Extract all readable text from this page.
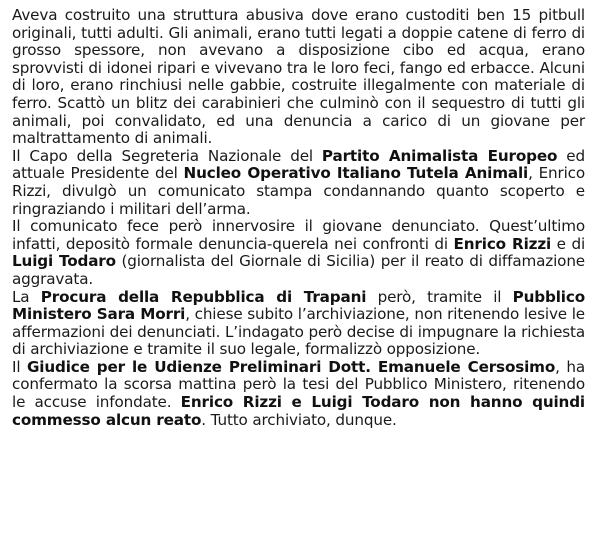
Aveva costruito una struttura abusiva dove erano custoditi ben 15 pitbull originali, tutti adulti. Gli animali, erano tutti legati a doppie catene di ferro di grosso spessore, non avevano a disposizione cibo ed acqua, erano sprovvisti di idonei ripari e vivevano tra le loro feci, fango ed erbacce. Alcuni di loro, erano rinchiusi nelle gabbie, costruite illegalmente con materiale di ferro. Scattò un blitz dei carabinieri che culminò con il sequestro di tutti gli animali, poi convalidato, ed una denuncia a carico di un giovane per maltrattamento di animali.

Il Capo della Segreteria Nazionale del Partito Animalista Europeo ed attuale Presidente del Nucleo Operativo Italiano Tutela Animali, Enrico Rizzi, divulgò un comunicato stampa condannando quanto scoperto e ringraziando i militari dell’arma.

Il comunicato fece però innervosire il giovane denunciato. Quest’ultimo infatti, depositò formale denuncia-querela nei confronti di Enrico Rizzi e di Luigi Todaro (giornalista del Giornale di Sicilia) per il reato di diffamazione aggravata.

La Procura della Repubblica di Trapani però, tramite il Pubblico Ministero Sara Morri, chiese subito l’archiviazione, non ritenendo lesive le affermazioni dei denunciati. L’indagato però decise di impugnare la richiesta di archiviazione e tramite il suo legale, formalizzò opposizione.

Il Giudice per le Udienze Preliminari Dott. Emanuele Cersosimo, ha confermato la scorsa mattina però la tesi del Pubblico Ministero, ritenendo le accuse infondate. Enrico Rizzi e Luigi Todaro non hanno quindi commesso alcun reato. Tutto archiviato, dunque.
